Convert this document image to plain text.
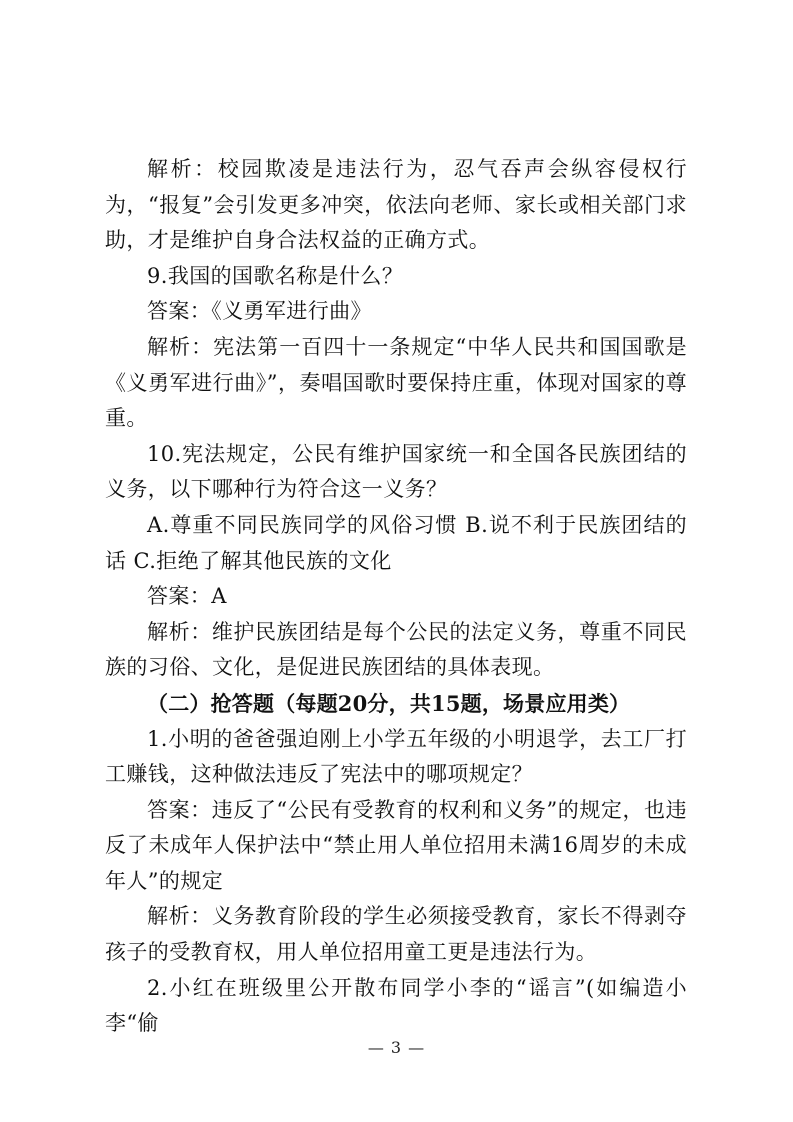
解析：校园欺凌是违法行为，忍气吞声会纵容侵权行为，“报复”会引发更多冲突，依法向老师、家长或相关部门求助，才是维护自身合法权益的正确方式。

9.我国的国歌名称是什么？

答案：《义勇军进行曲》

解析：宪法第一百四十一条规定“中华人民共和国国歌是《义勇军进行曲》”，奏唱国歌时要保持庄重，体现对国家的尊重。

10.宪法规定，公民有维护国家统一和全国各民族团结的义务，以下哪种行为符合这一义务？

A.尊重不同民族同学的风俗习惯 B.说不利于民族团结的话 C.拒绝了解其他民族的文化

答案：A

解析：维护民族团结是每个公民的法定义务，尊重不同民族的习俗、文化，是促进民族团结的具体表现。

（二）抢答题（每题20分，共15题，场景应用类）

1.小明的爸爸强迫刚上小学五年级的小明退学，去工厂打工赚钱，这种做法违反了宪法中的哪项规定？

答案：违反了“公民有受教育的权利和义务”的规定，也违反了未成年人保护法中“禁止用人单位招用未满16周岁的未成年人”的规定

解析：义务教育阶段的学生必须接受教育，家长不得剥夺孩子的受教育权，用人单位招用童工更是违法行为。

2.小红在班级里公开散布同学小李的“谣言”(如编造小李“偷

— 3 —
